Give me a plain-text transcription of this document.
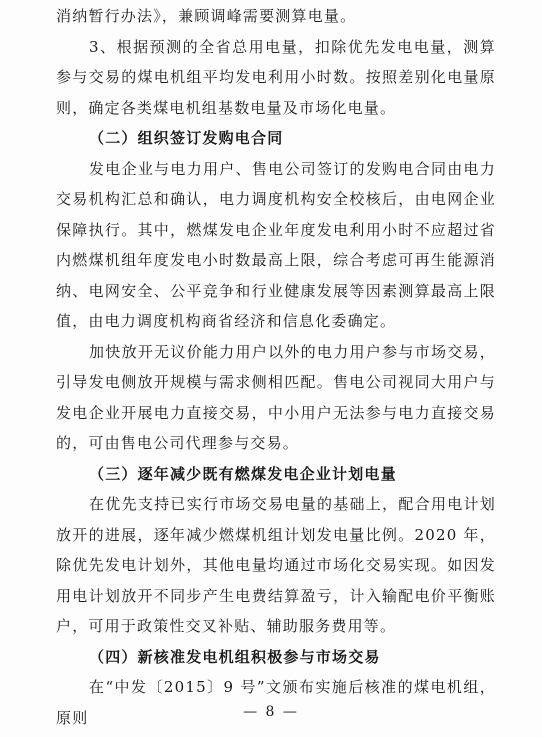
消纳暂行办法》，兼顾调峰需要测算电量。

3、根据预测的全省总用电量，扣除优先发电电量，测算参与交易的煤电机组平均发电利用小时数。按照差别化电量原则，确定各类煤电机组基数电量及市场化电量。

（二）组织签订发购电合同

发电企业与电力用户、售电公司签订的发购电合同由电力交易机构汇总和确认，电力调度机构安全校核后，由电网企业保障执行。其中，燃煤发电企业年度发电利用小时不应超过省内燃煤机组年度发电小时数最高上限，综合考虑可再生能源消纳、电网安全、公平竞争和行业健康发展等因素测算最高上限值，由电力调度机构商省经济和信息化委确定。

加快放开无议价能力用户以外的电力用户参与市场交易，引导发电侧放开规模与需求侧相匹配。售电公司视同大用户与发电企业开展电力直接交易，中小用户无法参与电力直接交易的，可由售电公司代理参与交易。

（三）逐年减少既有燃煤发电企业计划电量

在优先支持已实行市场交易电量的基础上，配合用电计划放开的进展，逐年减少燃煤机组计划发电量比例。2020 年，除优先发电计划外，其他电量均通过市场化交易实现。如因发用电计划放开不同步产生电费结算盈亏，计入输配电价平衡账户，可用于政策性交叉补贴、辅助服务费用等。

（四）新核准发电机组积极参与市场交易

在“中发〔2015〕9 号”文颁布实施后核准的煤电机组，原则	— 8 —
